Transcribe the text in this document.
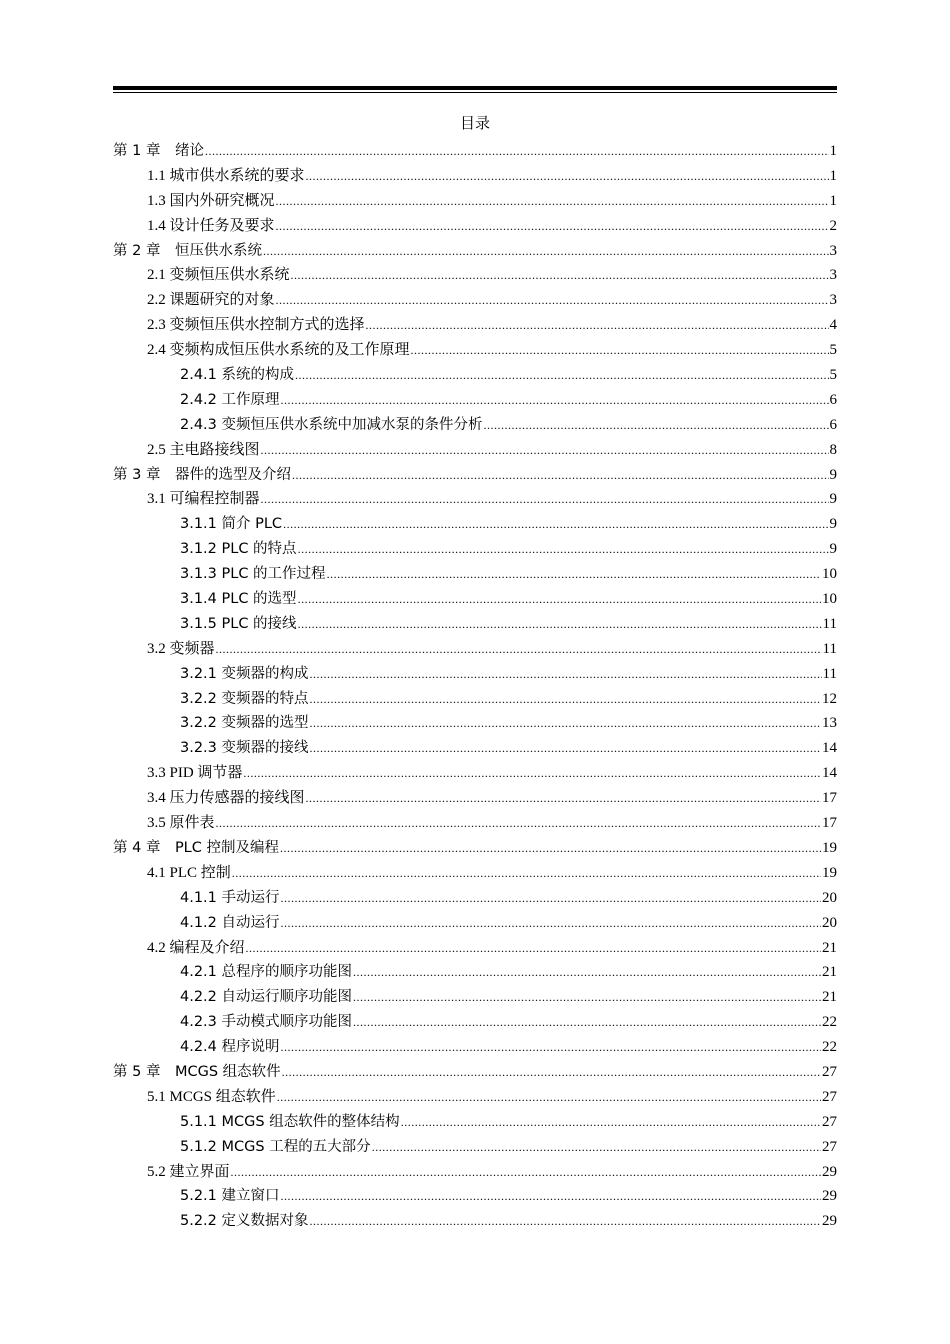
目录
第 1 章　绪论 .....	1
1.1 城市供水系统的要求 .....	1
1.3 国内外研究概况 .....	1
1.4 设计任务及要求 .....	2
第 2 章　恒压供水系统 .....	3
2.1 变频恒压供水系统 .....	3
2.2 课题研究的对象 .....	3
2.3 变频恒压供水控制方式的选择 .....	4
2.4 变频构成恒压供水系统的及工作原理 .....	5
2.4.1 系统的构成 .....	5
2.4.2 工作原理 .....	6
2.4.3 变频恒压供水系统中加减水泵的条件分析 .....	6
2.5 主电路接线图 .....	8
第 3 章　器件的选型及介绍 .....	9
3.1 可编程控制器 .....	9
3.1.1 简介 PLC .....	9
3.1.2 PLC 的特点 .....	9
3.1.3 PLC 的工作过程 .....	10
3.1.4 PLC 的选型 .....	10
3.1.5 PLC 的接线 .....	11
3.2 变频器 .....	11
3.2.1 变频器的构成 .....	11
3.2.2 变频器的特点 .....	12
3.2.2 变频器的选型 .....	13
3.2.3 变频器的接线 .....	14
3.3 PID 调节器 .....	14
3.4 压力传感器的接线图 .....	17
3.5 原件表 .....	17
第 4 章　PLC 控制及编程 .....	19
4.1 PLC 控制 .....	19
4.1.1 手动运行 .....	20
4.1.2 自动运行 .....	20
4.2 编程及介绍 .....	21
4.2.1 总程序的顺序功能图 .....	21
4.2.2 自动运行顺序功能图 .....	21
4.2.3 手动模式顺序功能图 .....	22
4.2.4 程序说明 .....	22
第 5 章　MCGS 组态软件 .....	27
5.1 MCGS 组态软件 .....	27
5.1.1 MCGS 组态软件的整体结构 .....	27
5.1.2 MCGS 工程的五大部分 .....	27
5.2 建立界面 .....	29
5.2.1 建立窗口 .....	29
5.2.2 定义数据对象 .....	29
